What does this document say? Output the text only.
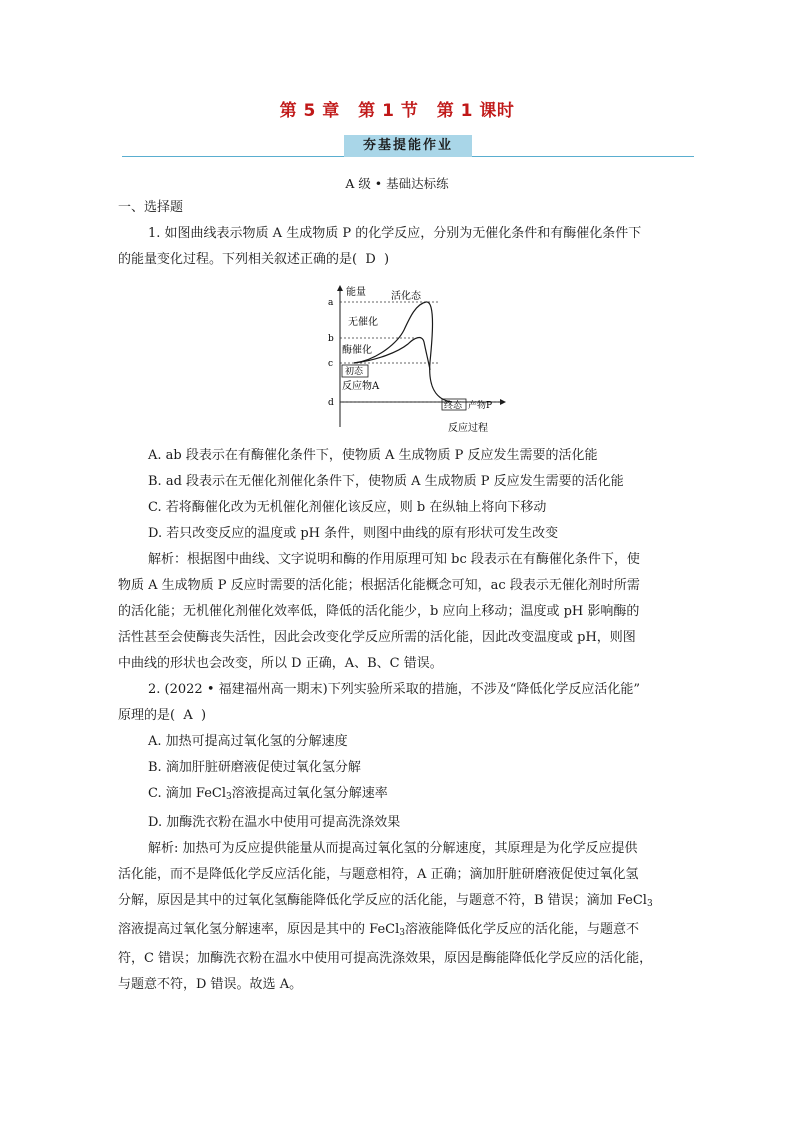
第 5 章 第 1 节 第 1 课时
夯基提能作业
A 级 • 基础达标练

一、选择题

1. 如图曲线表示物质 A 生成物质 P 的化学反应，分别为无催化条件和有酶催化条件下

的能量变化过程。下列相关叙述正确的是( D )

a
b
c
d
能量
反应过程
活化态
无催化
酶催化
初态
反应物A
终态 产物P

A. ab 段表示在有酶催化条件下，使物质 A 生成物质 P 反应发生需要的活化能

B. ad 段表示在无催化剂催化条件下，使物质 A 生成物质 P 反应发生需要的活化能

C. 若将酶催化改为无机催化剂催化该反应，则 b 在纵轴上将向下移动

D. 若只改变反应的温度或 pH 条件，则图中曲线的原有形状可发生改变

解析：根据图中曲线、文字说明和酶的作用原理可知 bc 段表示在有酶催化条件下，使

物质 A 生成物质 P 反应时需要的活化能；根据活化能概念可知，ac 段表示无催化剂时所需

的活化能；无机催化剂催化效率低，降低的活化能少，b 应向上移动；温度或 pH 影响酶的

活性甚至会使酶丧失活性，因此会改变化学反应所需的活化能，因此改变温度或 pH，则图

中曲线的形状也会改变，所以 D 正确，A、B、C 错误。

2. (2022 • 福建福州高一期末)下列实验所采取的措施，不涉及“降低化学反应活化能”

原理的是( A )

A. 加热可提高过氧化氢的分解速度

B. 滴加肝脏研磨液促使过氧化氢分解

C. 滴加 FeCl$_3$溶液提高过氧化氢分解速率

D. 加酶洗衣粉在温水中使用可提高洗涤效果

解析: 加热可为反应提供能量从而提高过氧化氢的分解速度，其原理是为化学反应提供

活化能，而不是降低化学反应活化能，与题意相符，A 正确；滴加肝脏研磨液促使过氧化氢

分解，原因是其中的过氧化氢酶能降低化学反应的活化能，与题意不符，B 错误；滴加 FeCl$_3$

溶液提高过氧化氢分解速率，原因是其中的 FeCl$_3$溶液能降低化学反应的活化能，与题意不

符，C 错误；加酶洗衣粉在温水中使用可提高洗涤效果，原因是酶能降低化学反应的活化能，

与题意不符，D 错误。故选 A。
